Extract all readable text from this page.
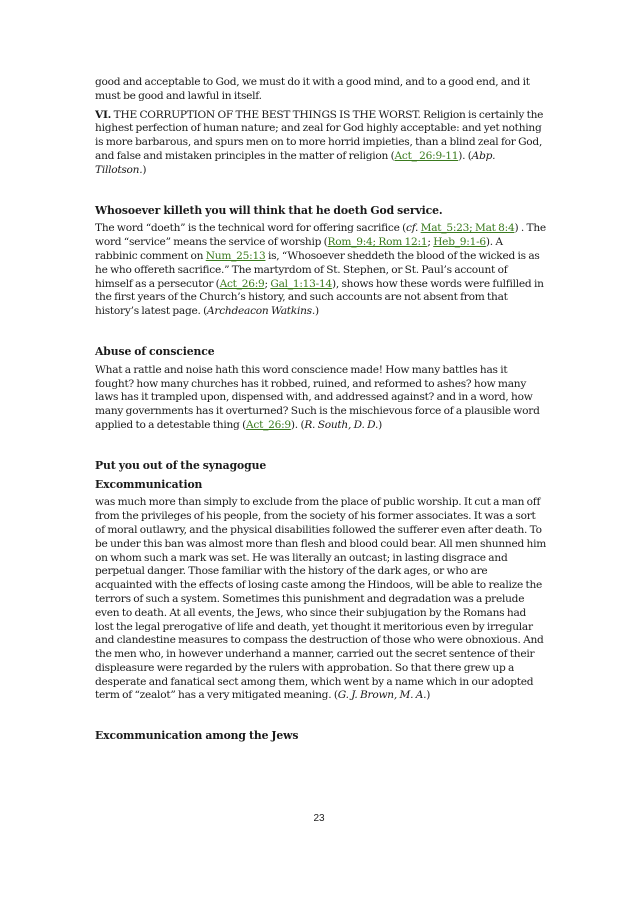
good and acceptable to God, we must do it with a good mind, and to a good end, and it must be good and lawful in itself.

VI. THE CORRUPTION OF THE BEST THINGS IS THE WORST. Religion is certainly the highest perfection of human nature; and zeal for God highly acceptable: and yet nothing is more barbarous, and spurs men on to more horrid impieties, than a blind zeal for God, and false and mistaken principles in the matter of religion (Act_ 26:9-11). (Abp. Tillotson.)

Whosoever killeth you will think that he doeth God service.

The word “doeth” is the technical word for offering sacrifice (cf. Mat_5:23; Mat 8:4) . The word “service” means the service of worship (Rom_9:4; Rom 12:1; Heb_9:1-6). A rabbinic comment on Num_25:13 is, “Whosoever sheddeth the blood of the wicked is as he who offereth sacrifice.” The martyrdom of St. Stephen, or St. Paul’s account of himself as a persecutor (Act_26:9; Gal_1:13-14), shows how these words were fulfilled in the first years of the Church’s history, and such accounts are not absent from that history’s latest page. (Archdeacon Watkins.)

Abuse of conscience

What a rattle and noise hath this word conscience made! How many battles has it fought? how many churches has it robbed, ruined, and reformed to ashes? how many laws has it trampled upon, dispensed with, and addressed against? and in a word, how many governments has it overturned? Such is the mischievous force of a plausible word applied to a detestable thing (Act_26:9). (R. South, D. D.)

Put you out of the synagogue

Excommunication

was much more than simply to exclude from the place of public worship. It cut a man off from the privileges of his people, from the society of his former associates. It was a sort of moral outlawry, and the physical disabilities followed the sufferer even after death. To be under this ban was almost more than flesh and blood could bear. All men shunned him on whom such a mark was set. He was literally an outcast; in lasting disgrace and perpetual danger. Those familiar with the history of the dark ages, or who are acquainted with the effects of losing caste among the Hindoos, will be able to realize the terrors of such a system. Sometimes this punishment and degradation was a prelude even to death. At all events, the Jews, who since their subjugation by the Romans had lost the legal prerogative of life and death, yet thought it meritorious even by irregular and clandestine measures to compass the destruction of those who were obnoxious. And the men who, in however underhand a manner, carried out the secret sentence of their displeasure were regarded by the rulers with approbation. So that there grew up a desperate and fanatical sect among them, which went by a name which in our adopted term of “zealot” has a very mitigated meaning. (G. J. Brown, M. A.)

Excommunication among the Jews

23
